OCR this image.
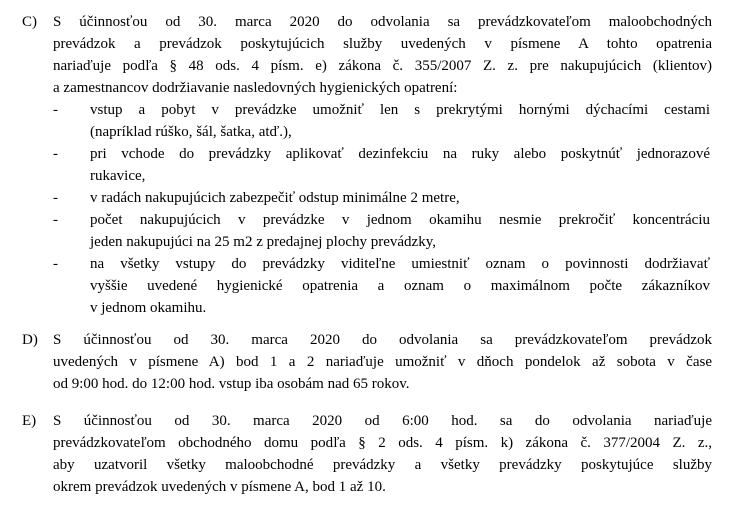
C) S účinnosťou od 30. marca 2020 do odvolania sa prevádzkovateľom maloobchodných
prevádzok a prevádzok poskytujúcich služby uvedených v písmene A tohto opatrenia
nariaďuje podľa § 48 ods. 4 písm. e) zákona č. 355/2007 Z. z. pre nakupujúcich (klientov)
a zamestnancov dodržiavanie nasledovných hygienických opatrení:
- vstup a pobyt v prevádzke umožniť len s prekrytými hornými dýchacími cestami
(napríklad rúško, šál, šatka, atď.),
- pri vchode do prevádzky aplikovať dezinfekciu na ruky alebo poskytnúť jednorazové
rukavice,
- v radách nakupujúcich zabezpečiť odstup minimálne 2 metre,
- počet nakupujúcich v prevádzke v jednom okamihu nesmie prekročiť koncentráciu
jeden nakupujúci na 25 m2 z predajnej plochy prevádzky,
- na všetky vstupy do prevádzky viditeľne umiestniť oznam o povinnosti dodržiavať
vyššie uvedené hygienické opatrenia a oznam o maximálnom počte zákazníkov
v jednom okamihu.
D) S účinnosťou od 30. marca 2020 do odvolania sa prevádzkovateľom prevádzok
uvedených v písmene A) bod 1 a 2 nariaďuje umožniť v dňoch pondelok až sobota v čase
od 9:00 hod. do 12:00 hod. vstup iba osobám nad 65 rokov.
E) S účinnosťou od 30. marca 2020 od 6:00 hod. sa do odvolania nariaďuje
prevádzkovateľom obchodného domu podľa § 2 ods. 4 písm. k) zákona č. 377/2004 Z. z.,
aby uzatvoril všetky maloobchodné prevádzky a všetky prevádzky poskytujúce služby
okrem prevádzok uvedených v písmene A, bod 1 až 10.
